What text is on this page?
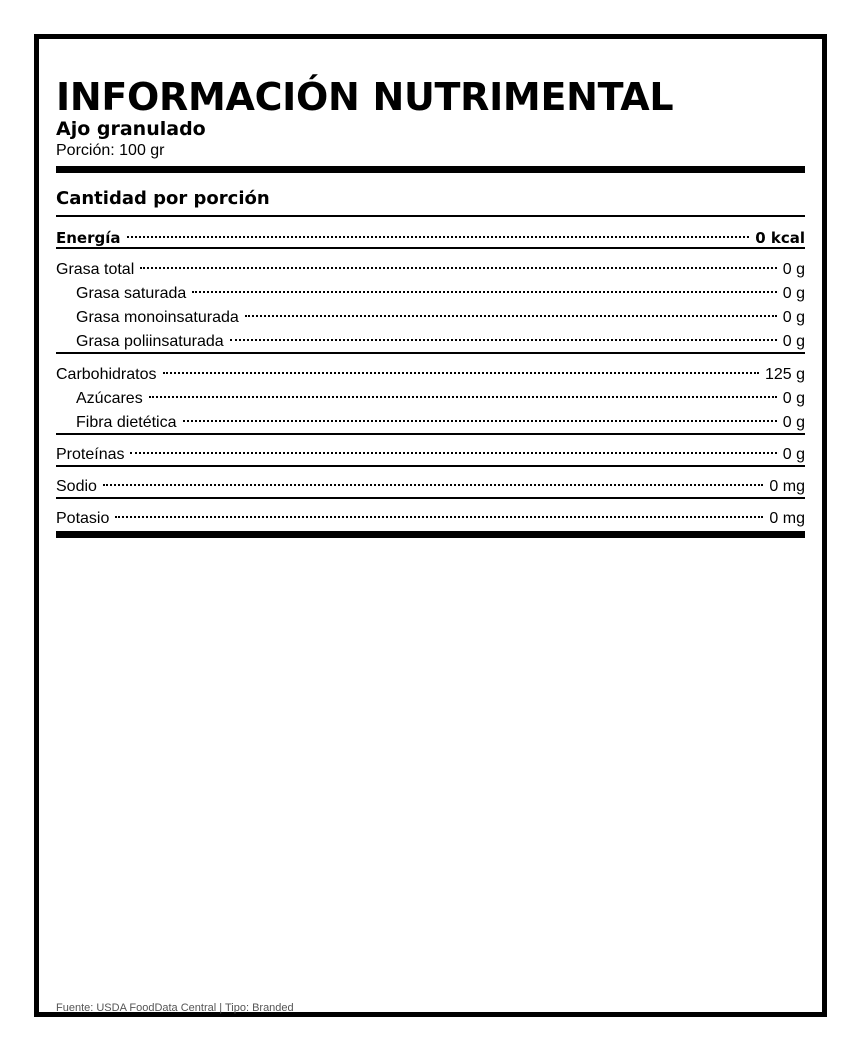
INFORMACIÓN NUTRIMENTAL
Ajo granulado
Porción: 100 gr
Cantidad por porción
Energía	0 kcal
Grasa total	0 g
Grasa saturada	0 g
Grasa monoinsaturada	0 g
Grasa poliinsaturada	0 g
Carbohidratos	125 g
Azúcares	0 g
Fibra dietética	0 g
Proteínas	0 g
Sodio	0 mg
Potasio	0 mg
Fuente: USDA FoodData Central | Tipo: Branded
